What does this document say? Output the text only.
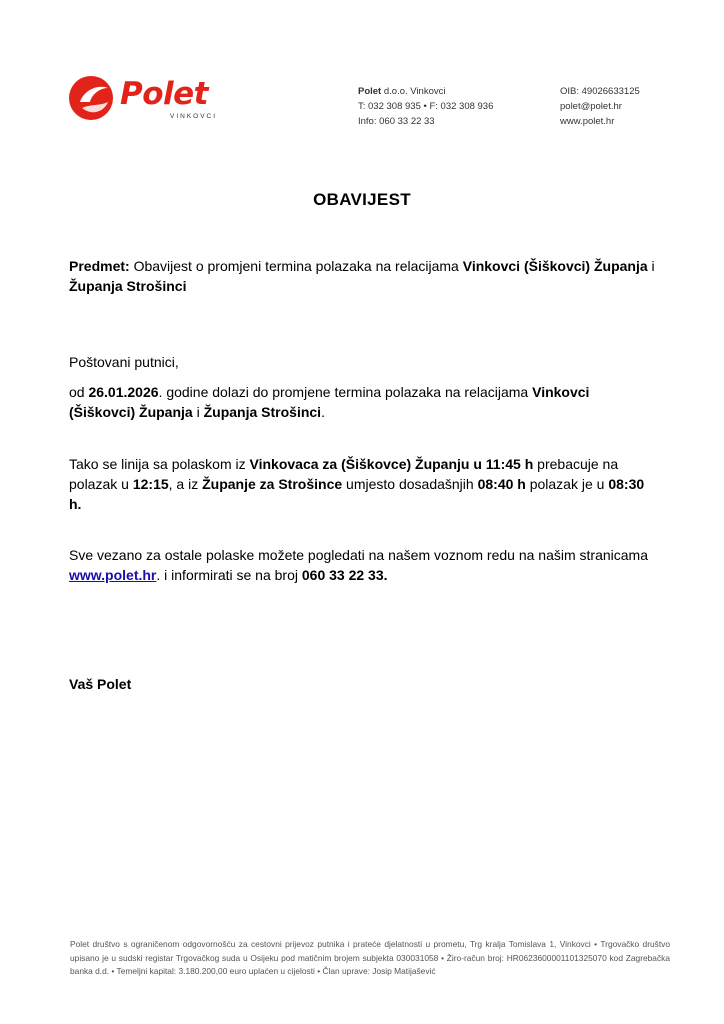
Polet
VINKOVCI
Polet d.o.o. Vinkovci
T: 032 308 935 • F: 032 308 936
Info: 060 33 22 33
OIB: 49026633125
polet@polet.hr
www.polet.hr
OBAVIJEST
Predmet: Obavijest o promjeni termina polazaka na relacijama Vinkovci (Šiškovci) Županja i Županja Strošinci
Poštovani putnici,
od 26.01.2026. godine dolazi do promjene termina polazaka na relacijama Vinkovci (Šiškovci) Županja i Županja Strošinci.
Tako se linija sa polaskom iz Vinkovaca za (Šiškovce) Županju u 11:45 h prebacuje na polazak u 12:15, a iz Županje za Strošince umjesto dosadašnjih 08:40 h polazak je u 08:30 h.
Sve vezano za ostale polaske možete pogledati na našem voznom redu na našim stranicama www.polet.hr. i informirati se na broj 060 33 22 33.
Vaš Polet
Polet društvo s ograničenom odgovornošću za cestovni prijevoz putnika i prateće djelatnosti u prometu, Trg kralja Tomislava 1, Vinkovci • Trgovačko društvo upisano je u sudski registar Trgovačkog suda u Osijeku pod matičnim brojem subjekta 030031058 • Žiro-račun broj: HR0623600001101325070 kod Zagrebačka banka d.d. • Temeljni kapital: 3.180.200,00 euro uplaćen u cijelosti • Član uprave: Josip Matijašević
